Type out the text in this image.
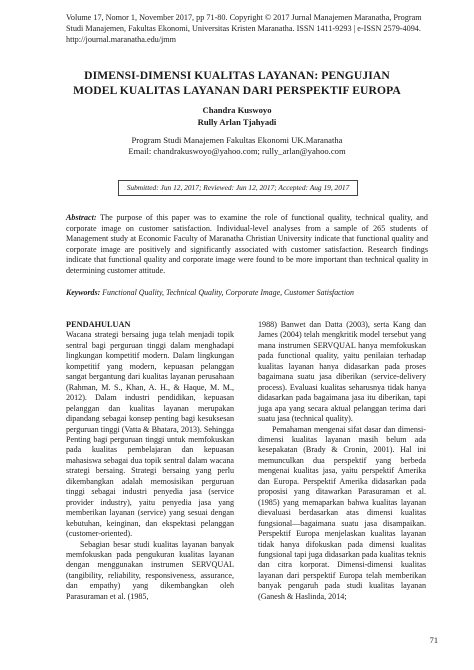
Volume 17, Nomor 1, November 2017, pp 71-80. Copyright © 2017 Jurnal Manajemen Maranatha, Program
Studi Manajemen, Fakultas Ekonomi, Universitas Kristen Maranatha. ISSN 1411-9293 | e-ISSN 2579-4094.
http://journal.maranatha.edu/jmm
DIMENSI-DIMENSI KUALITAS LAYANAN: PENGUJIAN
MODEL KUALITAS LAYANAN DARI PERSPEKTIF EUROPA
Chandra Kuswoyo
Rully Arlan Tjahyadi
Program Studi Manajemen Fakultas Ekonomi UK.Maranatha
Email: chandrakuswoyo@yahoo.com; rully_arlan@yahoo.com
Submitted: Jun 12, 2017; Reviewed: Jun 12, 2017; Accepted: Aug 19, 2017
Abstract: The purpose of this paper was to examine the role of functional quality, technical quality, and corporate image on customer satisfaction. Individual-level analyses from a sample of 265 students of Management study at Economic Faculty of Maranatha Christian University indicate that functional quality and corporate image are positively and significantly associated with customer satisfaction. Research findings indicate that functional quality and corporate image were found to be more important than technical quality in determining customer attitude.
Keywords: Functional Quality, Technical Quality, Corporate Image, Customer Satisfaction

PENDAHULUAN

Wacana strategi bersaing juga telah menjadi topik sentral bagi perguruan tinggi dalam menghadapi lingkungan kompetitif modern. Dalam lingkungan kompetitif yang modern, kepuasan pelanggan sangat bergantung dari kualitas layanan perusahaan (Rahman, M. S., Khan, A. H., & Haque, M. M., 2012). Dalam industri pendidikan, kepuasan pelanggan dan kualitas layanan merupakan dipandang sebagai konsep penting bagi kesuksesan perguruan tinggi (Vatta & Bhatara, 2013). Sehingga Penting bagi perguruan tinggi untuk memfokuskan pada kualitas pembelajaran dan kepuasan mahasiswa sebagai dua topik sentral dalam wacana strategi bersaing. Strategi bersaing yang perlu dikembangkan adalah memosisikan perguruan tinggi sebagai industri penyedia jasa (service provider industry), yaitu penyedia jasa yang memberikan layanan (service) yang sesuai dengan kebutuhan, keinginan, dan ekspektasi pelanggan (customer-oriented).

Sebagian besar studi kualitas layanan banyak memfokuskan pada pengukuran kualitas layanan dengan menggunakan instrumen SERVQUAL (tangibility, reliability, responsiveness, assurance, dan empathy) yang dikembangkan oleh Parasuraman et al. (1985,

1988) Banwet dan Datta (2003), serta Kang dan James (2004) telah mengkritik model tersebut yang mana instrumen SERVQUAL hanya memfokuskan pada functional quality, yaitu penilaian terhadap kualitas layanan hanya didasarkan pada proses bagaimana suatu jasa diberikan (service-delivery process). Evaluasi kualitas seharusnya tidak hanya didasarkan pada bagaimana jasa itu diberikan, tapi juga apa yang secara aktual pelanggan terima dari suatu jasa (technical quality).

Pemahaman mengenai sifat dasar dan dimensi-dimensi kualitas layanan masih belum ada kesepakatan (Brady & Cronin, 2001). Hal ini memunculkan dua perspektif yang berbeda mengenai kualitas jasa, yaitu perspektif Amerika dan Europa. Perspektif Amerika didasarkan pada proposisi yang ditawarkan Parasuraman et al. (1985) yang memaparkan bahwa kualitas layanan dievaluasi berdasarkan atas dimensi kualitas fungsional—bagaimana suatu jasa disampaikan. Perspektif Europa menjelaskan kualitas layanan tidak hanya difokuskan pada dimensi kualitas fungsional tapi juga didasarkan pada kualitas teknis dan citra korporat. Dimensi-dimensi kualitas layanan dari perspektif Europa telah memberikan banyak pengaruh pada studi kualitas layanan (Ganesh & Haslinda, 2014;

71
